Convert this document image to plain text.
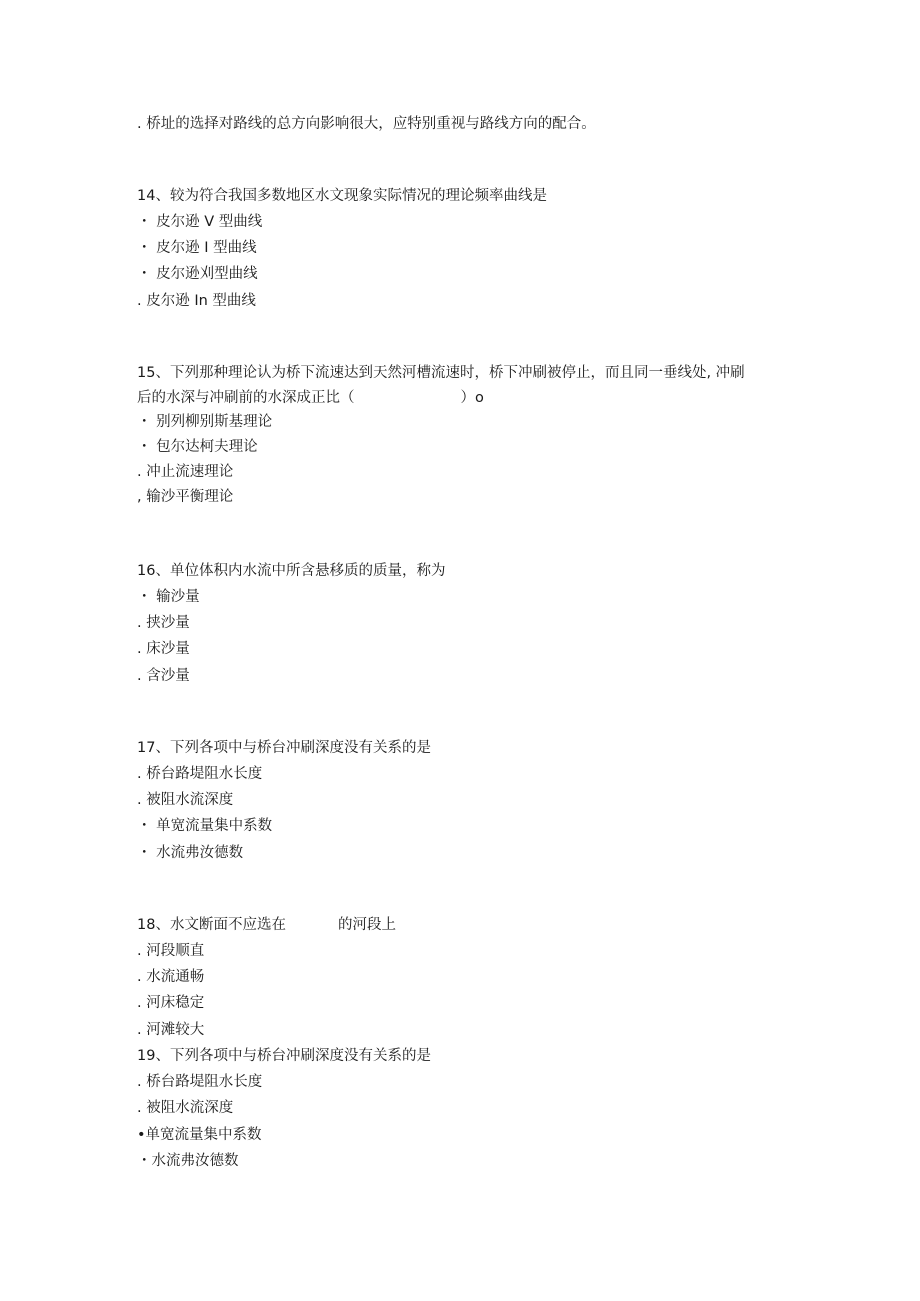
. 桥址的选择对路线的总方向影响很大，应特别重视与路线方向的配合。
14、较为符合我国多数地区水文现象实际情况的理论频率曲线是
・ 皮尔逊 V 型曲线
・ 皮尔逊 I 型曲线
・ 皮尔逊刈型曲线
. 皮尔逊 In 型曲线
15、下列那种理论认为桥下流速达到天然河槽流速时，桥下冲刷被停止，而且同一垂线处, 冲刷
后的水深与冲刷前的水深成正比（	）o
・ 别列柳别斯基理论
・ 包尔达柯夫理论
. 冲止流速理论
, 输沙平衡理论
16、单位体积内水流中所含悬移质的质量，称为
・ 输沙量
. 挟沙量
. 床沙量
. 含沙量
17、下列各项中与桥台冲刷深度没有关系的是
. 桥台路堤阻水长度
. 被阻水流深度
・ 单宽流量集中系数
・ 水流弗汝德数
18、水文断面不应选在	的河段上
. 河段顺直
. 水流通畅
. 河床稳定
. 河滩较大
19、下列各项中与桥台冲刷深度没有关系的是
. 桥台路堤阻水长度
. 被阻水流深度
•单宽流量集中系数
・水流弗汝德数
